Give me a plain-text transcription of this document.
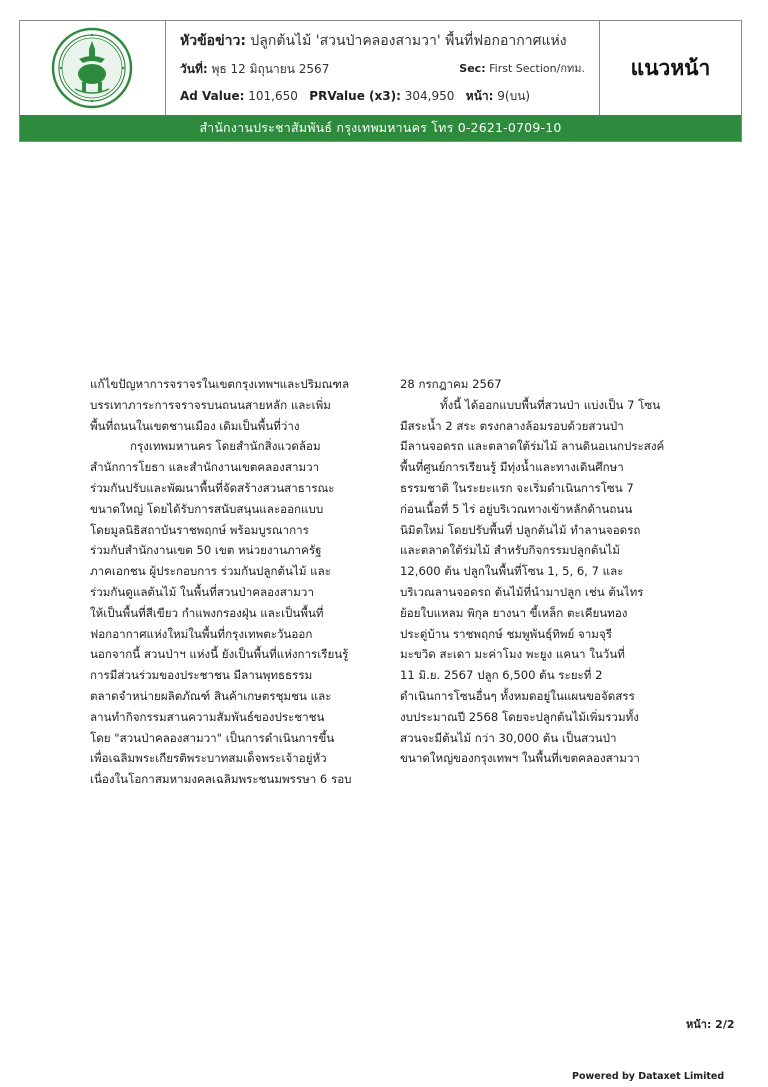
หัวข้อข่าว: ปลูกต้นไม้ 'สวนป่าคลองสามวา' พื้นที่ฟอกอากาศแห่ง
วันที่: พุธ 12 มิถุนายน 2567	Sec: First Section/กทม.
Ad Value: 101,650 PRValue (x3): 304,950 หน้า: 9(บน)
แนวหน้า
สำนักงานประชาสัมพันธ์ กรุงเทพมหานคร โทร 0-2621-0709-10
แก้ไขปัญหาการจราจรในเขตกรุงเทพฯและปริมณฑล
บรรเทาภาระการจราจรบนถนนสายหลัก และเพิ่ม
พื้นที่ถนนในเขตชานเมือง เดิมเป็นพื้นที่ว่าง
กรุงเทพมหานคร โดยสำนักสิ่งแวดล้อม
สำนักการโยธา และสำนักงานเขตคลองสามวา
ร่วมกันปรับและพัฒนาพื้นที่จัดสร้างสวนสาธารณะ
ขนาดใหญ่ โดยได้รับการสนับสนุนและออกแบบ
โดยมูลนิธิสถาบันราชพฤกษ์ พร้อมบูรณาการ
ร่วมกับสำนักงานเขต 50 เขต หน่วยงานภาครัฐ
ภาคเอกชน ผู้ประกอบการ ร่วมกันปลูกต้นไม้ และ
ร่วมกันดูแลต้นไม้ ในพื้นที่สวนป่าคลองสามวา
ให้เป็นพื้นที่สีเขียว กำแพงกรองฝุ่น และเป็นพื้นที่
ฟอกอากาศแห่งใหม่ในพื้นที่กรุงเทพตะวันออก
นอกจากนี้ สวนป่าฯ แห่งนี้ ยังเป็นพื้นที่แห่งการเรียนรู้
การมีส่วนร่วมของประชาชน มีลานพุทธธรรม
ตลาดจำหน่ายผลิตภัณฑ์ สินค้าเกษตรชุมชน และ
ลานทำกิจกรรมสานความสัมพันธ์ของประชาชน
โดย "สวนป่าคลองสามวา" เป็นการดำเนินการขึ้น
เพื่อเฉลิมพระเกียรติพระบาทสมเด็จพระเจ้าอยู่หัว
เนื่องในโอกาสมหามงคลเฉลิมพระชนมพรรษา 6 รอบ
28 กรกฎาคม 2567
ทั้งนี้ ได้ออกแบบพื้นที่สวนป่า แบ่งเป็น 7 โซน
มีสระน้ำ 2 สระ ตรงกลางล้อมรอบด้วยสวนป่า
มีลานจอดรถ และตลาดใต้ร่มไม้ ลานดินอเนกประสงค์
พื้นที่ศูนย์การเรียนรู้ มีทุ่งน้ำและทางเดินศึกษา
ธรรมชาติ ในระยะแรก จะเริ่มดำเนินการโซน 7
ก่อนเนื้อที่ 5 ไร่ อยู่บริเวณทางเข้าหลักด้านถนน
นิมิตใหม่ โดยปรับพื้นที่ ปลูกต้นไม้ ทำลานจอดรถ
และตลาดใต้ร่มไม้ สำหรับกิจกรรมปลูกต้นไม้
12,600 ต้น ปลูกในพื้นที่โซน 1, 5, 6, 7 และ
บริเวณลานจอดรถ ต้นไม้ที่นำมาปลูก เช่น ต้นไทร
ย้อยใบแหลม พิกุล ยางนา ขี้เหล็ก ตะเคียนทอง
ประดู่บ้าน ราชพฤกษ์ ชมพูพันธุ์ทิพย์ จามจุรี
มะขวิด สะเดา มะค่าโมง พะยูง แคนา ในวันที่
11 มิ.ย. 2567 ปลูก 6,500 ต้น ระยะที่ 2
ดำเนินการโซนอื่นๆ ทั้งหมดอยู่ในแผนขอจัดสรร
งบประมาณปี 2568 โดยจะปลูกต้นไม้เพิ่มรวมทั้ง
สวนจะมีต้นไม้ กว่า 30,000 ต้น เป็นสวนป่า
ขนาดใหญ่ของกรุงเทพฯ ในพื้นที่เขตคลองสามวา
หน้า: 2/2
Powered by Dataxet Limited
